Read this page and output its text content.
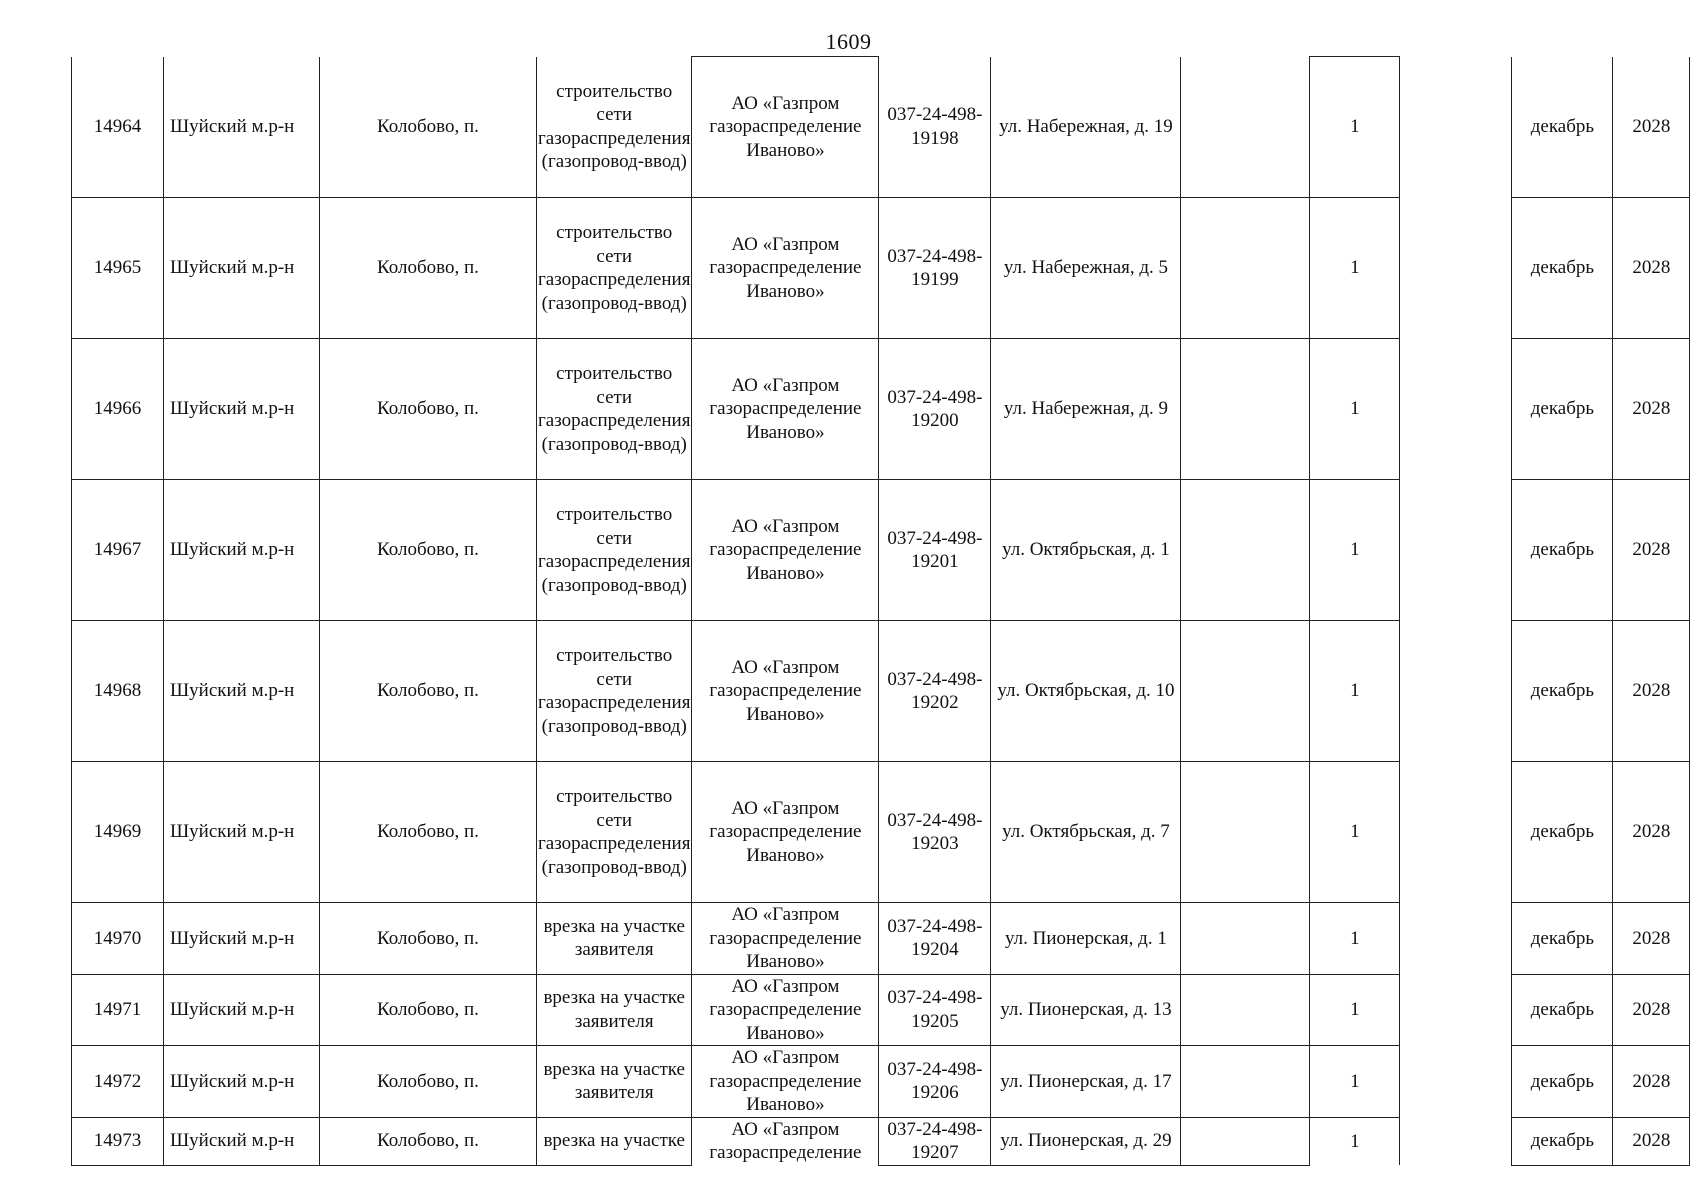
1609
14964	Шуйский м.р-н	Колобово, п.	строительство сети газораспределения (газопровод-ввод)	АО «Газпром газораспределение Иваново»	037-24-498-19198	ул. Набережная, д. 19		1		декабрь	2028
14965	Шуйский м.р-н	Колобово, п.	строительство сети газораспределения (газопровод-ввод)	АО «Газпром газораспределение Иваново»	037-24-498-19199	ул. Набережная, д. 5		1		декабрь	2028
14966	Шуйский м.р-н	Колобово, п.	строительство сети газораспределения (газопровод-ввод)	АО «Газпром газораспределение Иваново»	037-24-498-19200	ул. Набережная, д. 9		1		декабрь	2028
14967	Шуйский м.р-н	Колобово, п.	строительство сети газораспределения (газопровод-ввод)	АО «Газпром газораспределение Иваново»	037-24-498-19201	ул. Октябрьская, д. 1		1		декабрь	2028
14968	Шуйский м.р-н	Колобово, п.	строительство сети газораспределения (газопровод-ввод)	АО «Газпром газораспределение Иваново»	037-24-498-19202	ул. Октябрьская, д. 10		1		декабрь	2028
14969	Шуйский м.р-н	Колобово, п.	строительство сети газораспределения (газопровод-ввод)	АО «Газпром газораспределение Иваново»	037-24-498-19203	ул. Октябрьская, д. 7		1		декабрь	2028
14970	Шуйский м.р-н	Колобово, п.	врезка на участке заявителя	АО «Газпром газораспределение Иваново»	037-24-498-19204	ул. Пионерская, д. 1		1		декабрь	2028
14971	Шуйский м.р-н	Колобово, п.	врезка на участке заявителя	АО «Газпром газораспределение Иваново»	037-24-498-19205	ул. Пионерская, д. 13		1		декабрь	2028
14972	Шуйский м.р-н	Колобово, п.	врезка на участке заявителя	АО «Газпром газораспределение Иваново»	037-24-498-19206	ул. Пионерская, д. 17		1		декабрь	2028
14973	Шуйский м.р-н	Колобово, п.	врезка на участке	АО «Газпром газораспределение	037-24-498-19207	ул. Пионерская, д. 29		1		декабрь	2028
